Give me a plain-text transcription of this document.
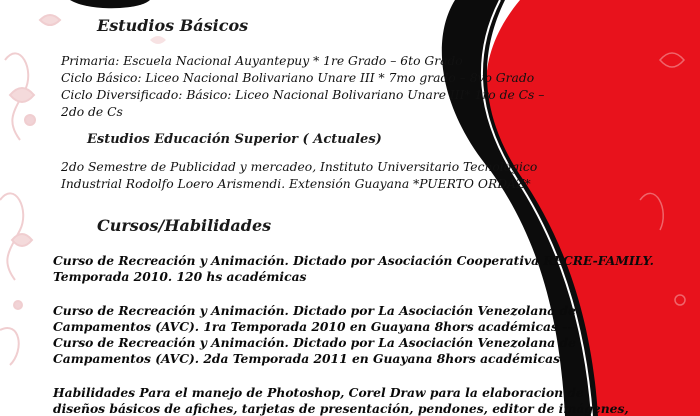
Estudios Básicos
Primaria: Escuela Nacional Auyantepuy * 1re Grado – 6to Grado
Ciclo Básico: Liceo Nacional Bolivariano Unare III * 7mo grado – 8vo Grado
Ciclo Diversificado: Básico: Liceo Nacional Bolivariano Unare III* 1ro de Cs –
2do de Cs
Estudios Educación Superior ( Actuales)
2do Semestre de Publicidad y mercadeo, Instituto Universitario Tecnológico
Industrial Rodolfo Loero Arismendi. Extensión Guayana *PUERTO ORDAZ*
Cursos/Habilidades
Curso de Recreación y Animación. Dictado por Asociación Cooperativa RECRE-FAMILY.
Temporada 2010. 120 hs académicas
Curso de Recreación y Animación. Dictado por La Asociación Venezolana de
Campamentos (AVC). 1ra Temporada 2010 en Guayana 8hors académicas ---
Curso de Recreación y Animación. Dictado por La Asociación Venezolana de
Campamentos (AVC). 2da Temporada 2011 en Guayana 8hors académicas
Habilidades Para el manejo de Photoshop, Corel Draw para la elaboracion de
diseños básicos de afiches, tarjetas de presentación, pendones, editor de imágenes,
